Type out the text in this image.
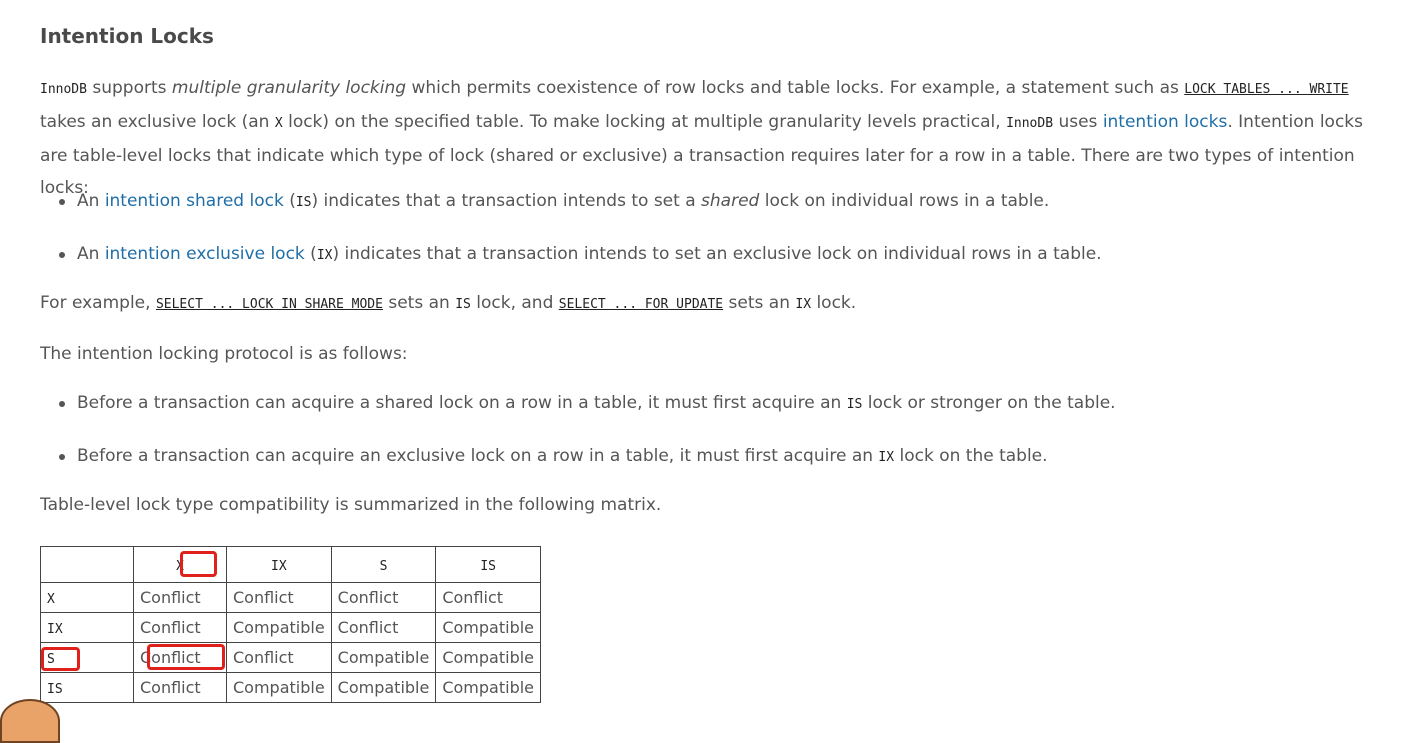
Intention Locks

InnoDB supports multiple granularity locking which permits coexistence of row locks and table locks. For example, a statement such as LOCK TABLES ... WRITE takes an exclusive lock (an X lock) on the specified table. To make locking at multiple granularity levels practical, InnoDB uses intention locks. Intention locks are table-level locks that indicate which type of lock (shared or exclusive) a transaction requires later for a row in a table. There are two types of intention locks:

An intention shared lock (IS) indicates that a transaction intends to set a shared lock on individual rows in a table.
An intention exclusive lock (IX) indicates that a transaction intends to set an exclusive lock on individual rows in a table.

For example, SELECT ... LOCK IN SHARE MODE sets an IS lock, and SELECT ... FOR UPDATE sets an IX lock.

The intention locking protocol is as follows:

Before a transaction can acquire a shared lock on a row in a table, it must first acquire an IS lock or stronger on the table.
Before a transaction can acquire an exclusive lock on a row in a table, it must first acquire an IX lock on the table.

Table-level lock type compatibility is summarized in the following matrix.

	X	IX	S	IS
X	Conflict	Conflict	Conflict	Conflict
IX	Conflict	Compatible	Conflict	Compatible
S	Conflict	Conflict	Compatible	Compatible
IS	Conflict	Compatible	Compatible	Compatible
